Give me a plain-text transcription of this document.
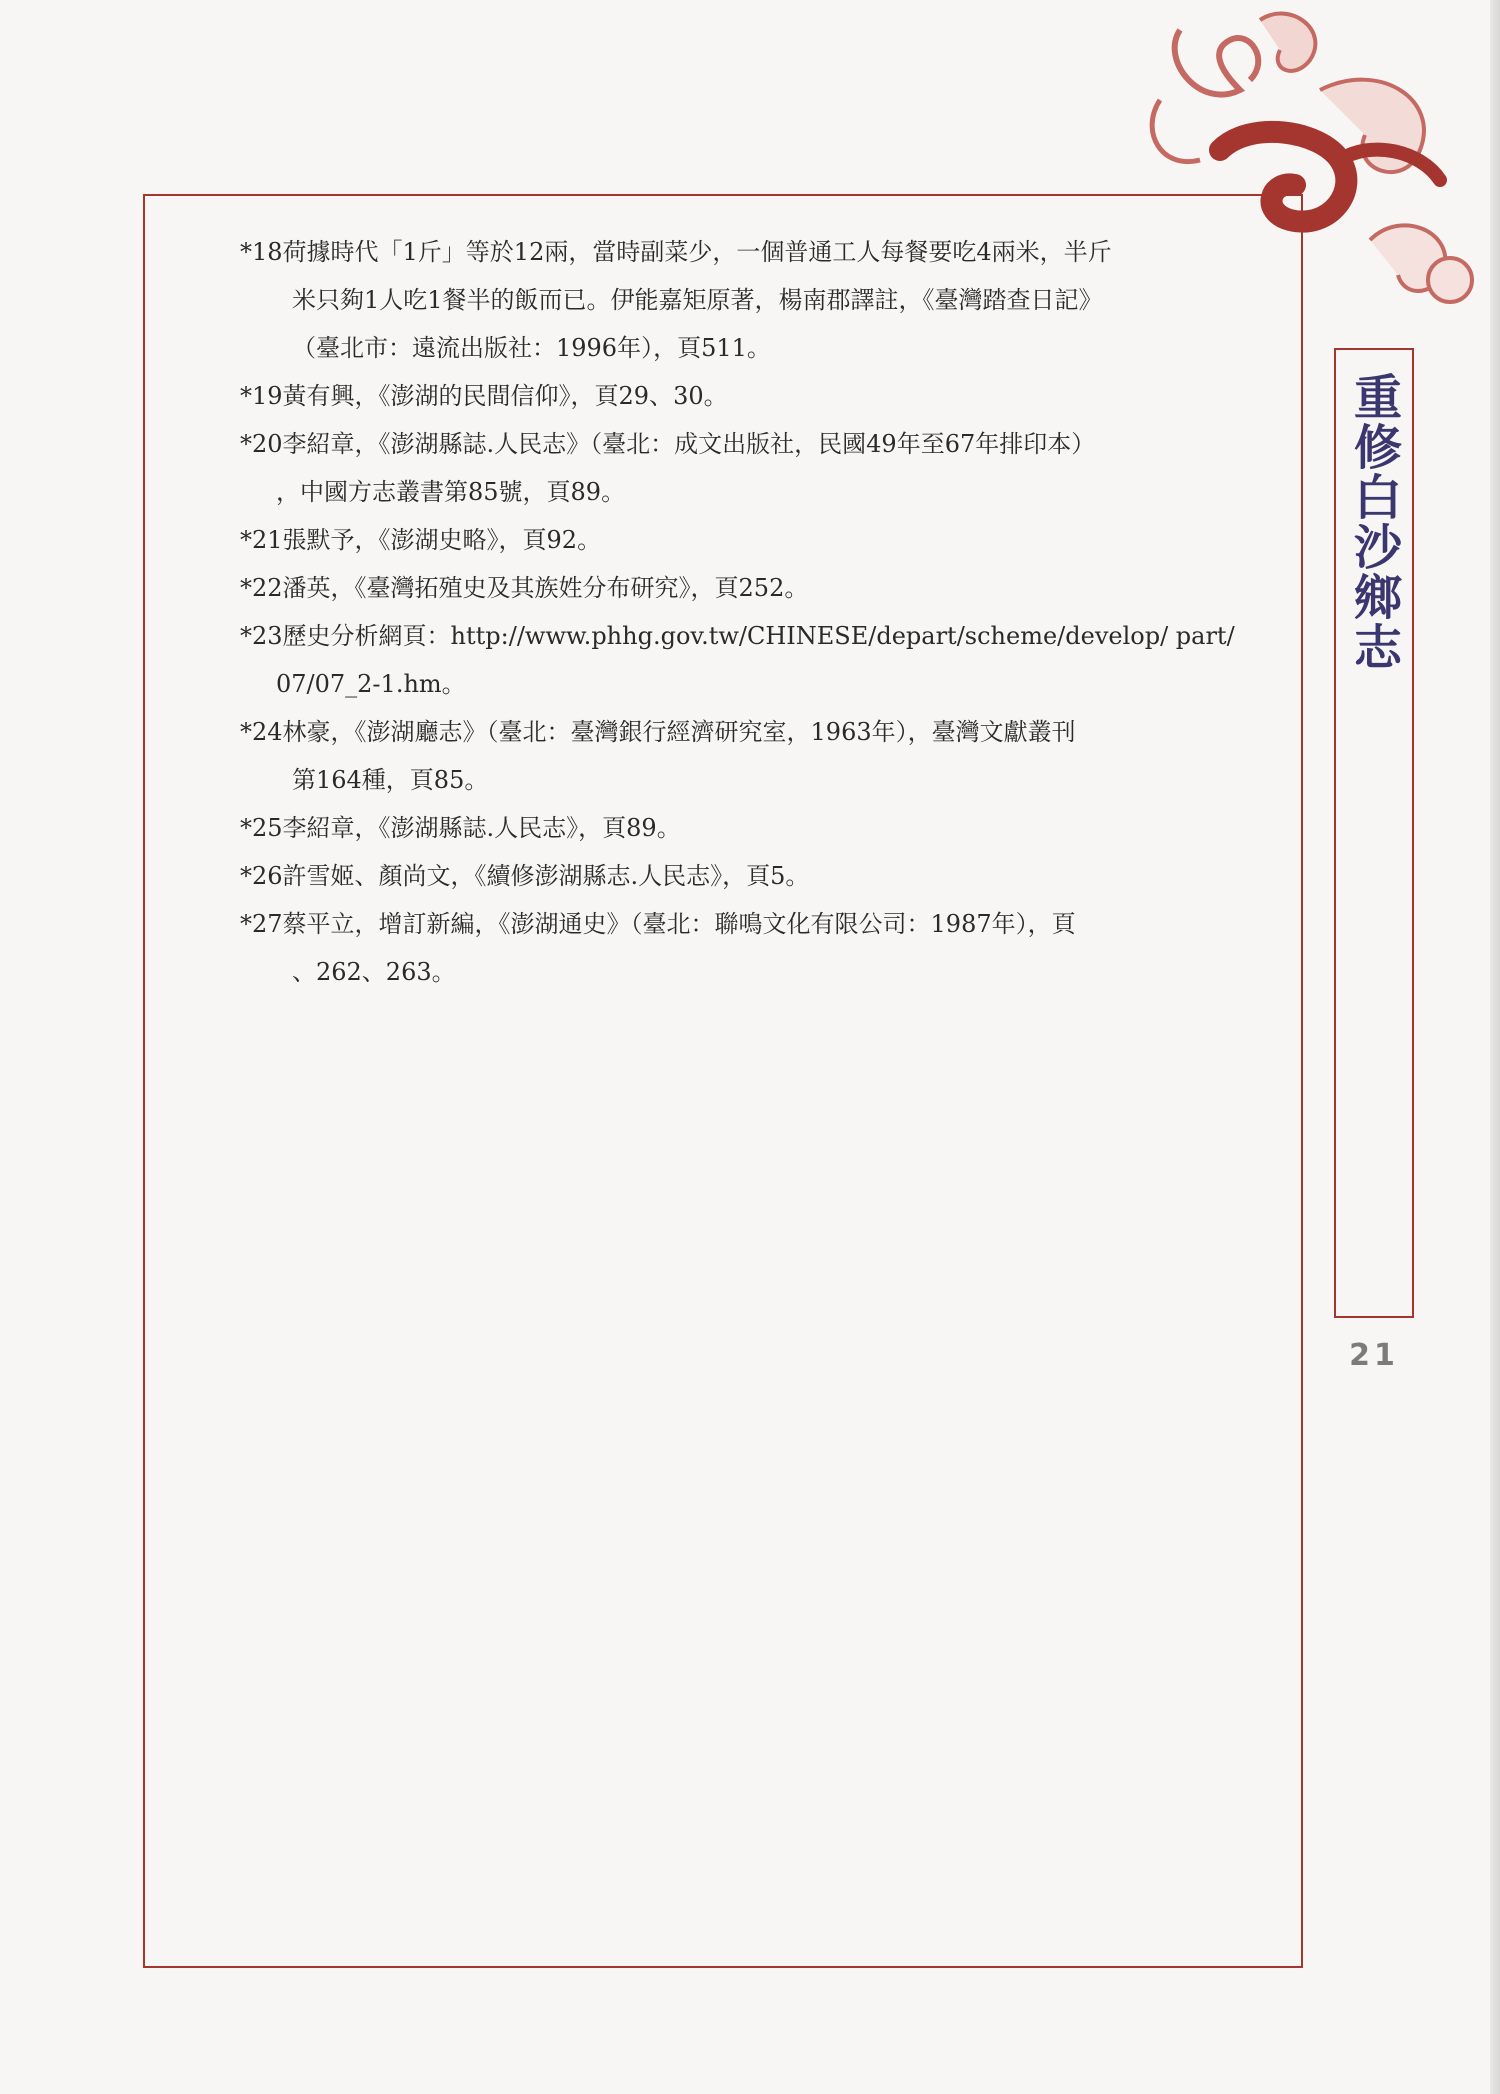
重修白沙鄉志
21

*18荷據時代「1斤」等於12兩，當時副菜少，一個普通工人每餐要吃4兩米，半斤
米只夠1人吃1餐半的飯而已。伊能嘉矩原著，楊南郡譯註，《臺灣踏查日記》
（臺北市：遠流出版社：1996年），頁511。

*19黃有興，《澎湖的民間信仰》，頁29、30。

*20李紹章，《澎湖縣誌.人民志》（臺北：成文出版社，民國49年至67年排印本）
，中國方志叢書第85號，頁89。

*21張默予，《澎湖史略》，頁92。

*22潘英，《臺灣拓殖史及其族姓分布研究》，頁252。

*23歷史分析網頁：http://www.phhg.gov.tw/CHINESE/depart/scheme/develop/ part/
07/07_2-1.hm。

*24林豪，《澎湖廳志》（臺北：臺灣銀行經濟研究室，1963年），臺灣文獻叢刊
第164種，頁85。

*25李紹章，《澎湖縣誌.人民志》，頁89。

*26許雪姬、顏尚文，《續修澎湖縣志.人民志》，頁5。

*27蔡平立，增訂新編，《澎湖通史》（臺北：聯鳴文化有限公司：1987年），頁
、262、263。
